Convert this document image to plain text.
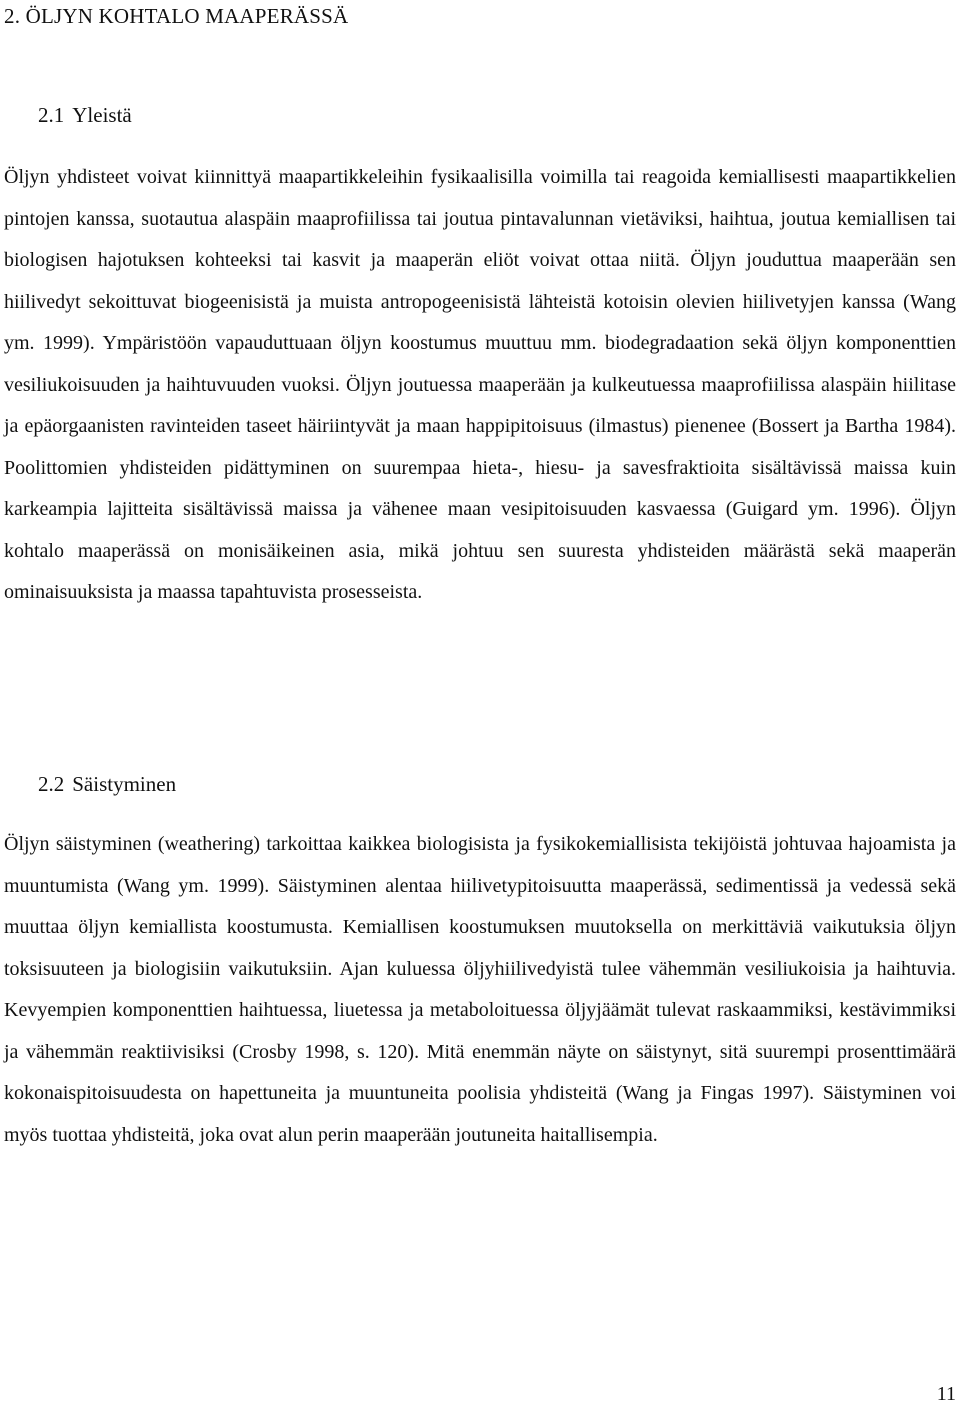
2. ÖLJYN KOHTALO MAAPERÄSSÄ
2.1 Yleistä

Öljyn yhdisteet voivat kiinnittyä maapartikkeleihin fysikaalisilla voimilla tai reagoida kemiallisesti maapartikkelien pintojen kanssa, suotautua alaspäin maaprofiilissa tai joutua pintavalunnan vietäviksi, haihtua, joutua kemiallisen tai biologisen hajotuksen kohteeksi tai kasvit ja maaperän eliöt voivat ottaa niitä. Öljyn jouduttua maaperään sen hiilivedyt sekoittuvat biogeenisistä ja muista antropogeenisistä lähteistä kotoisin olevien hiilivetyjen kanssa (Wang ym. 1999). Ympäristöön vapauduttuaan öljyn koostumus muuttuu mm. biodegradaation sekä öljyn komponenttien vesiliukoisuuden ja haihtuvuuden vuoksi. Öljyn joutuessa maaperään ja kulkeutuessa maaprofiilissa alaspäin hiilitase ja epäorgaanisten ravinteiden taseet häiriintyvät ja maan happipitoisuus (ilmastus) pienenee (Bossert ja Bartha 1984). Poolittomien yhdisteiden pidättyminen on suurempaa hieta-, hiesu- ja savesfraktioita sisältävissä maissa kuin karkeampia lajitteita sisältävissä maissa ja vähenee maan vesipitoisuuden kasvaessa (Guigard ym. 1996). Öljyn kohtalo maaperässä on monisäikeinen asia, mikä johtuu sen suuresta yhdisteiden määrästä sekä maaperän ominaisuuksista ja maassa tapahtuvista prosesseista.

2.2 Säistyminen

Öljyn säistyminen (weathering) tarkoittaa kaikkea biologisista ja fysikokemiallisista tekijöistä johtuvaa hajoamista ja muuntumista (Wang ym. 1999). Säistyminen alentaa hiilivetypitoisuutta maaperässä, sedimentissä ja vedessä sekä muuttaa öljyn kemiallista koostumusta. Kemiallisen koostumuksen muutoksella on merkittäviä vaikutuksia öljyn toksisuuteen ja biologisiin vaikutuksiin. Ajan kuluessa öljyhiilivedyistä tulee vähemmän vesiliukoisia ja haihtuvia. Kevyempien komponenttien haihtuessa, liuetessa ja metaboloituessa öljyjäämät tulevat raskaammiksi, kestävimmiksi ja vähemmän reaktiivisiksi (Crosby 1998, s. 120). Mitä enemmän näyte on säistynyt, sitä suurempi prosenttimäärä kokonaispitoisuudesta on hapettuneita ja muuntuneita poolisia yhdisteitä (Wang ja Fingas 1997). Säistyminen voi myös tuottaa yhdisteitä, joka ovat alun perin maaperään joutuneita haitallisempia.

11
